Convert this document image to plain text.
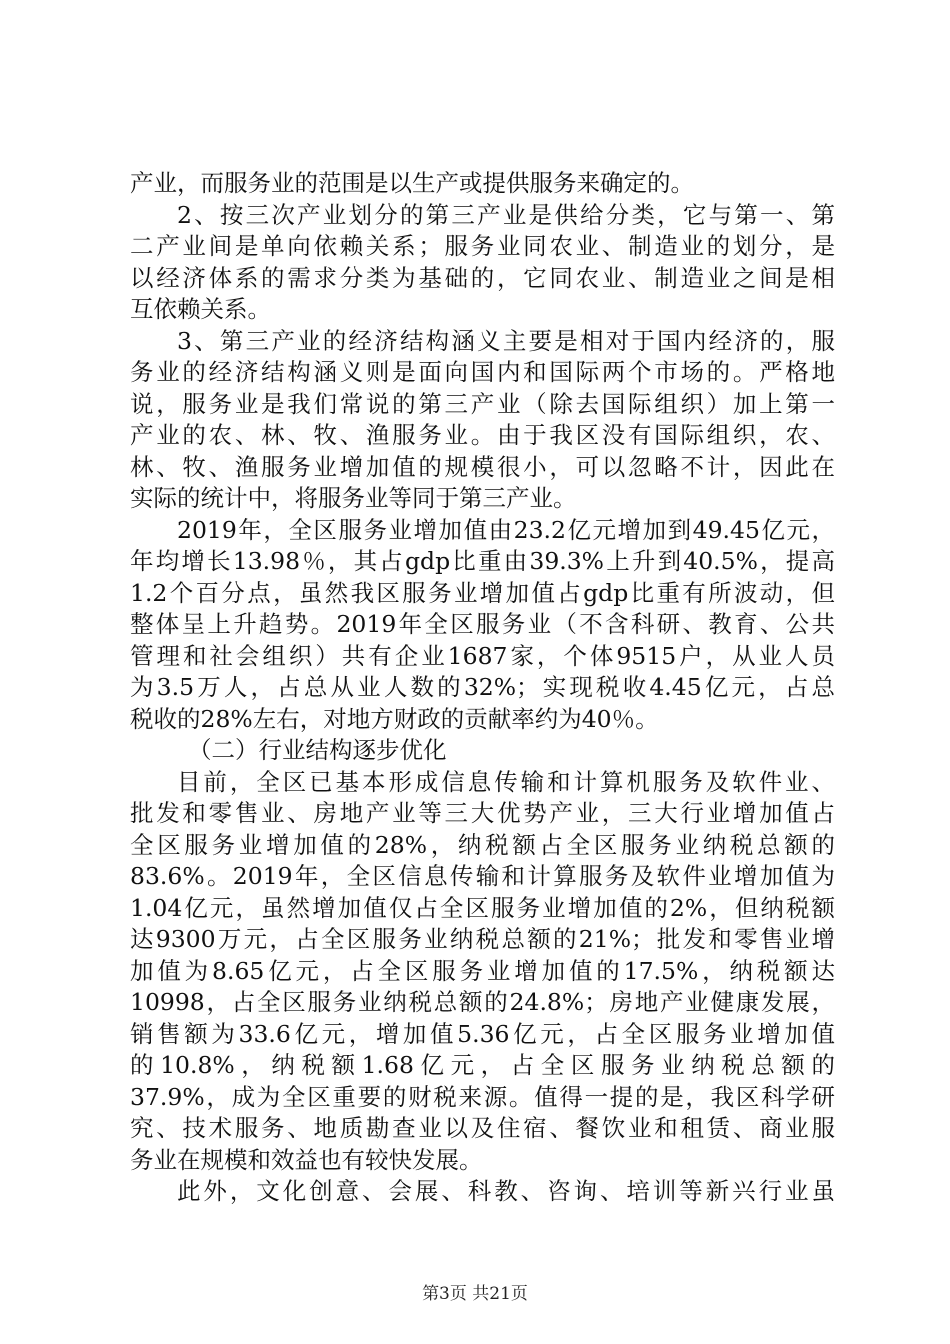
产业，而服务业的范围是以生产或提供服务来确定的。
2、按三次产业划分的第三产业是供给分类，它与第一、第
二产业间是单向依赖关系；服务业同农业、制造业的划分，是
以经济体系的需求分类为基础的，它同农业、制造业之间是相
互依赖关系。
3、第三产业的经济结构涵义主要是相对于国内经济的，服
务业的经济结构涵义则是面向国内和国际两个市场的。严格地
说，服务业是我们常说的第三产业（除去国际组织）加上第一
产业的农、林、牧、渔服务业。由于我区没有国际组织，农、
林、牧、渔服务业增加值的规模很小，可以忽略不计，因此在
实际的统计中，将服务业等同于第三产业。
2019年，全区服务业增加值由23.2亿元增加到49.45亿元，
年均增长13.98％，其占gdp比重由39.3%上升到40.5%，提高
1.2个百分点，虽然我区服务业增加值占gdp比重有所波动，但
整体呈上升趋势。2019年全区服务业（不含科研、教育、公共
管理和社会组织）共有企业1687家，个体9515户，从业人员
为3.5万人，占总从业人数的32%；实现税收4.45亿元，占总
税收的28%左右，对地方财政的贡献率约为40％。
（二）行业结构逐步优化
目前，全区已基本形成信息传输和计算机服务及软件业、
批发和零售业、房地产业等三大优势产业，三大行业增加值占
全区服务业增加值的28%，纳税额占全区服务业纳税总额的
83.6%。2019年，全区信息传输和计算服务及软件业增加值为
1.04亿元，虽然增加值仅占全区服务业增加值的2%，但纳税额
达9300万元，占全区服务业纳税总额的21%；批发和零售业增
加值为8.65亿元，占全区服务业增加值的17.5%，纳税额达
10998，占全区服务业纳税总额的24.8%；房地产业健康发展，
销售额为33.6亿元，增加值5.36亿元，占全区服务业增加值
的10.8%，纳税额1.68亿元，占全区服务业纳税总额的
37.9%，成为全区重要的财税来源。值得一提的是，我区科学研
究、技术服务、地质勘查业以及住宿、餐饮业和租赁、商业服
务业在规模和效益也有较快发展。
此外，文化创意、会展、科教、咨询、培训等新兴行业虽
第3页 共21页
